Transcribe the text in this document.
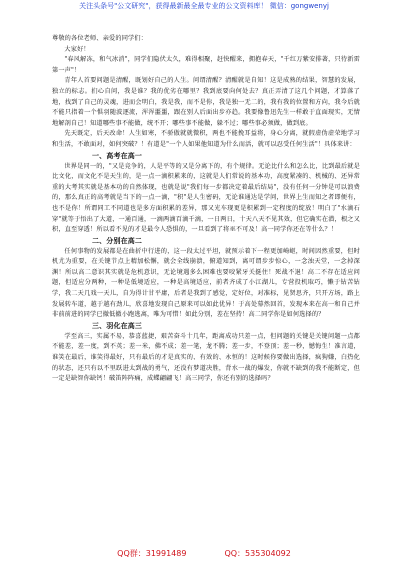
关注头条号"公文研究"，获得最新最全最专业的公文资料库！ 微信：gongwenyj

尊敬的各位老师、亲爱的同学们：

大家好！

"春风解冻，和气冰消"，同学们隐伏太久，难得相聚，赶快醒来，拥抱春天，"千红万紫安排著，只待新雷第一声"！

青年人首要问题是清醒，既划好自己的人生。问谓清醒？清醒就是自知！这是成熟的结果，智慧的发展，独立的标志。扪心自问，我是谁？我的优劣在哪里？我到底要向何处去？真正弄清了这几个问题，才算落了地，找到了自己的灵魂，进而会明白，我是我，而不是你，我是独一无二的，我有我的位置和方向，我今后就不能只指着一个惧羽随波逐流，浑浑噩噩，跟在别人后面出步亦趋。我要像鲁迅先生一样敢于直面现实，无情地解剖自己！知道哪些事不能做，统不开；哪些事不能做，躲不过；哪些事必须做，做到底。

先天既定，后天改命！人生如寒，不骄傲就就微积，两也不能挽耳益将，身心分离，就假虚伪虚荣地学习和生活，不敢面对，如何突破？！有道是"一个人如果他知道为什么而活，就可以忍受任何生活"！具体来讲：

一、高考在高一

世界是同一的，"又是竞争的，人是平等的又是分离下的，有个规律。无论比什么和怎么比，比到最后就是比文化，而文化不是天生的，是一点一滴积累来的，这就是人们常说的基本功，高度紧凑的、机械的、还异常重的大考其实就是基本功的自然体现，也就是说"我们每一步都决定着最后结局"，没有任何一分钟是可以浪费的，那么真正的高考就是当下的一点一滴，"积"是人生密码，无论谁通达是学问，世界上生而知之者即便有，也不是你！所谓同工不同道也是多方面积累的差异，那又光车现更是积累到一定程度的绽放！明白了"水滴石穿"就等于悟出了大道，一通百通，一滴两滴百滴千滴，一日两日，十天八天不见其效，但它确实在潜，根之又积，直至穿透！所以看不见的才是最令人恐惧的，一旦看到了将巫不可及！高一同学你还在等什么？！

二、分别在高二

任何事物的发展都是在曲折中行进的，这一段太过平坦，就预示着下一程更加崎岖，时间因然重要，但时机尤为重要，在关键节点上精加松懈，就会全线崩溃，俯道知到，离可谓步步惊心，一念浊天堂，一念掉深渊！所以高二意识其实就是危机意识，无论境遇多么困难也要咬紧牙关挺住！死战不退！高二不存在适应问题，但适应分两种，一种是低境适应，一种是高境适应，前者齐成了小江湖儿，专营投机取巧，懒于钻苦钻学，我二天几戏一天儿，自为得计甘平庸，后者是我到了感觉，定好位，对准标，见贤思齐，只开方场，路上发展转车道，越于越有劲儿，欣喜地发现自己原来可以如此优异！于高处幕然回首，发现本来在高一和自己并非前前进的同学已撤低撤小跑逃离，唯为可惜！如此分别，差在坚持！高二同学你是如何选择的？

三、羽化在高三

学至高三，实属不易，恭喜蓝捷，艰苦奋斗十几年，距离成功只差一点，但问题的关键是关键问题一点都不能差，差一度，到不英；差一米，佛不成；差一笔，龙不腾；差一步，不登顶；差一秒，憾悔生！准言道，谁笑在最后，谁笑得最好，只有最后的才是真实的、有效的、永恒的！这时候你要做出选择，疯狗嫌，白热化的状态，还只有以不里跃进太到战的勇气，还没有梦道决胜，背水一战的爆发，你就不缺到的我不能断定，但一定是缺智你缺钙！破笛阵阵痛，成蝶翩翩飞！高三同学，你还有别的选择吗？

QQ群：31991489	QQ：535304092
